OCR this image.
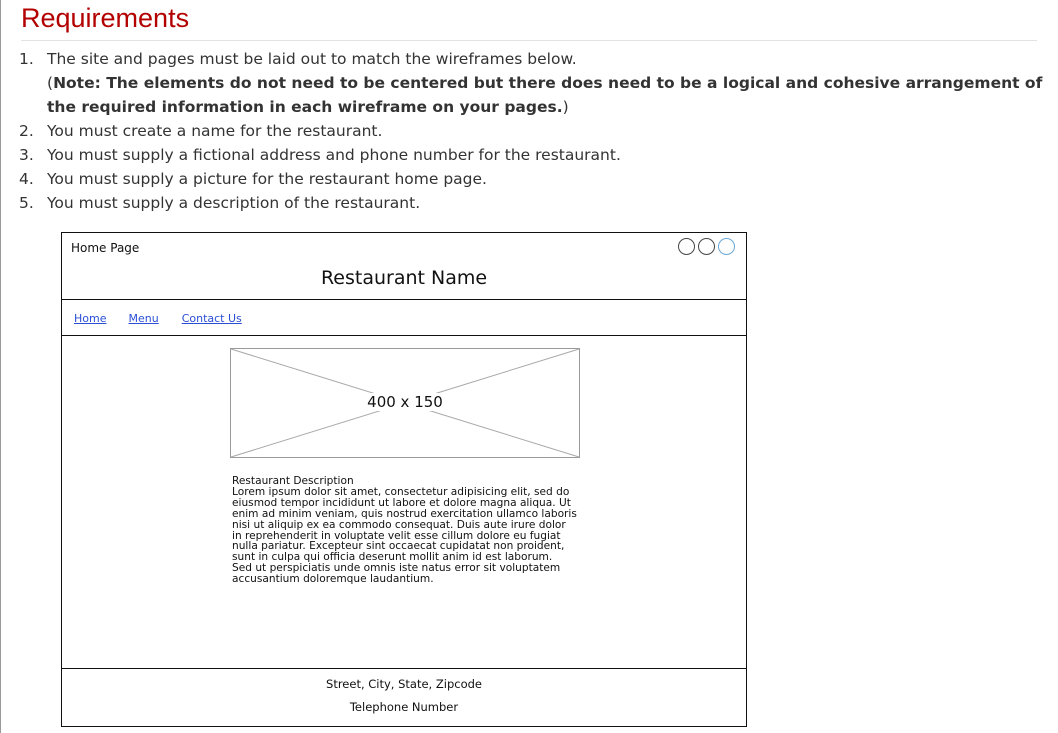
Requirements
1. The site and pages must be laid out to match the wireframes below.
(Note: The elements do not need to be centered but there does need to be a logical and cohesive arrangement of the required information in each wireframe on your pages.)
2. You must create a name for the restaurant.
3. You must supply a fictional address and phone number for the restaurant.
4. You must supply a picture for the restaurant home page.
5. You must supply a description of the restaurant.
Home Page
Restaurant Name
Home Menu Contact Us
400 x 150
Restaurant Description
Lorem ipsum dolor sit amet, consectetur adipisicing elit, sed do
eiusmod tempor incididunt ut labore et dolore magna aliqua. Ut
enim ad minim veniam, quis nostrud exercitation ullamco laboris
nisi ut aliquip ex ea commodo consequat. Duis aute irure dolor
in reprehenderit in voluptate velit esse cillum dolore eu fugiat
nulla pariatur. Excepteur sint occaecat cupidatat non proident,
sunt in culpa qui officia deserunt mollit anim id est laborum.
Sed ut perspiciatis unde omnis iste natus error sit voluptatem
accusantium doloremque laudantium.
Street, City, State, Zipcode
Telephone Number
